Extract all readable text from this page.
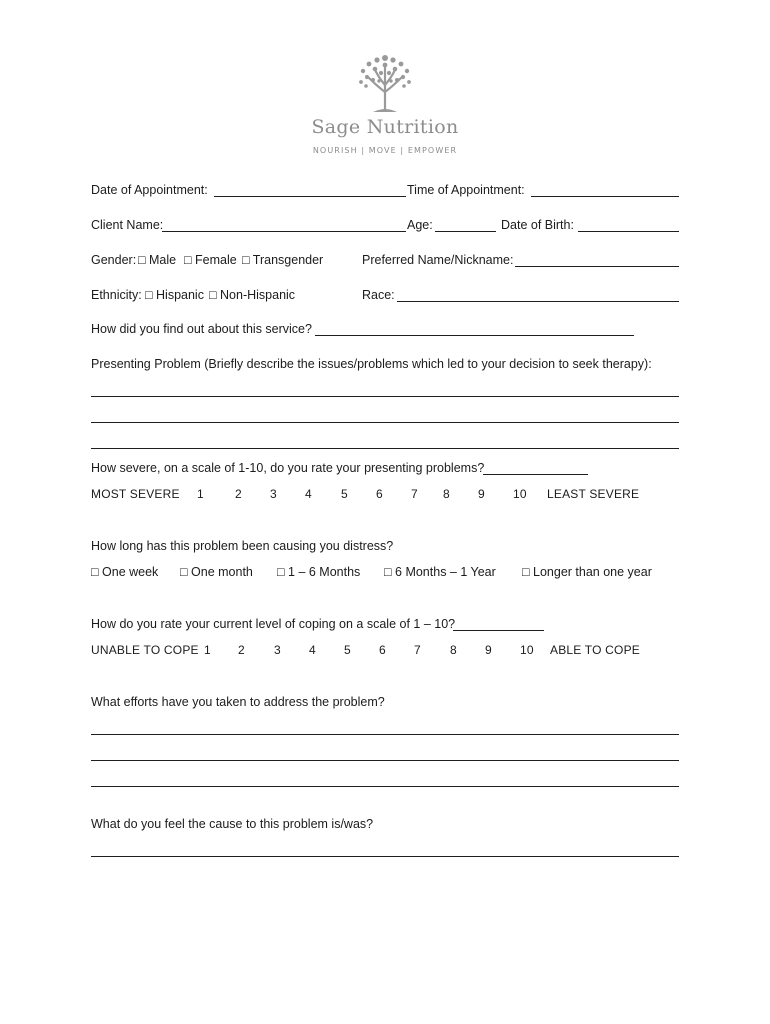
Sage Nutrition
NOURISH | MOVE | EMPOWER
Date of Appointment:	Time of Appointment:
Client Name:	Age:	Date of Birth:
Gender: □ Male □ Female □ Transgender	Preferred Name/Nickname:
Ethnicity: □ Hispanic □ Non-Hispanic	Race:
How did you find out about this service?
Presenting Problem (Briefly describe the issues/problems which led to your decision to seek therapy):
How severe, on a scale of 1-10, do you rate your presenting problems?
MOST SEVERE 1	2 3 4 5 6 7 8 9 10 LEAST SEVERE
How long has this problem been causing you distress?
□ One week □ One month □ 1 – 6 Months □ 6 Months – 1 Year □ Longer than one year
How do you rate your current level of coping on a scale of 1 – 10?
UNABLE TO COPE 1 2 3 4 5 6 7 8 9 10 ABLE TO COPE
What efforts have you taken to address the problem?
What do you feel the cause to this problem is/was?
